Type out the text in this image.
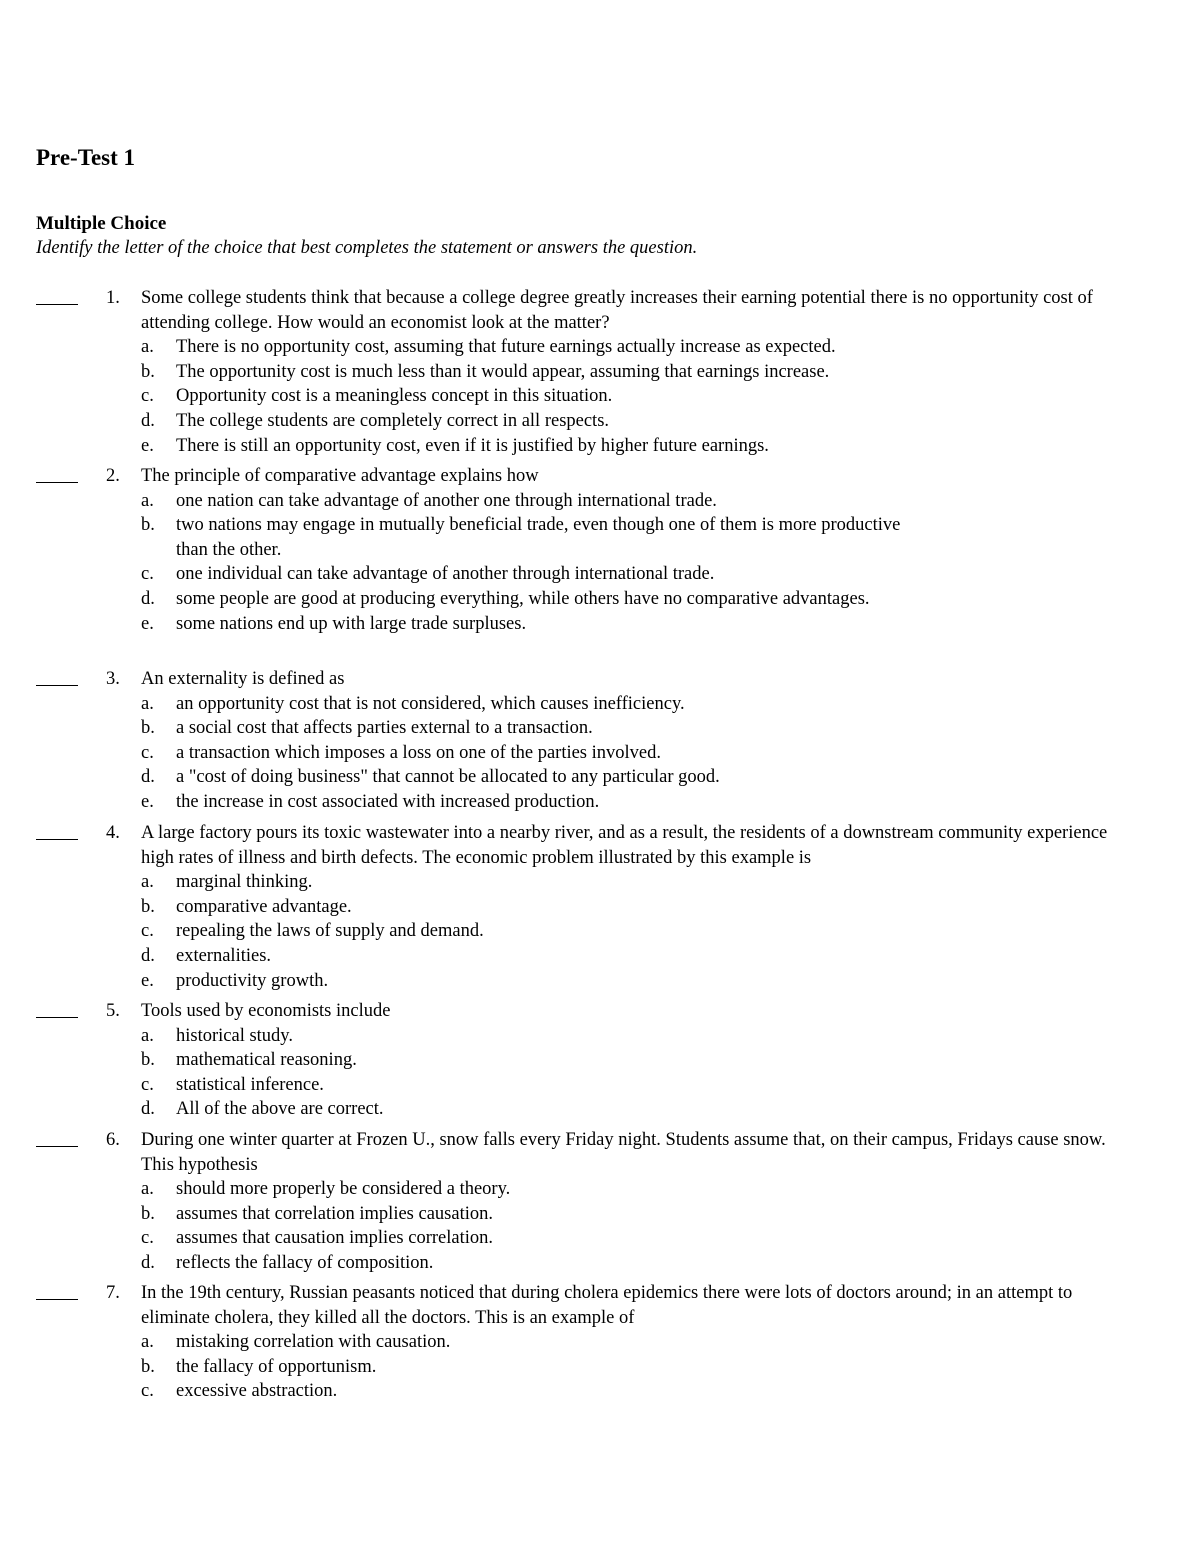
Pre-Test 1
Multiple Choice
Identify the letter of the choice that best completes the statement or answers the question.
1. Some college students think that because a college degree greatly increases their earning potential there is no opportunity cost of attending college. How would an economist look at the matter?
a. There is no opportunity cost, assuming that future earnings actually increase as expected.
b. The opportunity cost is much less than it would appear, assuming that earnings increase.
c. Opportunity cost is a meaningless concept in this situation.
d. The college students are completely correct in all respects.
e. There is still an opportunity cost, even if it is justified by higher future earnings.
2. The principle of comparative advantage explains how
a. one nation can take advantage of another one through international trade.
b. two nations may engage in mutually beneficial trade, even though one of them is more productive than the other.
c. one individual can take advantage of another through international trade.
d. some people are good at producing everything, while others have no comparative advantages.
e. some nations end up with large trade surpluses.
3. An externality is defined as
a. an opportunity cost that is not considered, which causes inefficiency.
b. a social cost that affects parties external to a transaction.
c. a transaction which imposes a loss on one of the parties involved.
d. a "cost of doing business" that cannot be allocated to any particular good.
e. the increase in cost associated with increased production.
4. A large factory pours its toxic wastewater into a nearby river, and as a result, the residents of a downstream community experience high rates of illness and birth defects. The economic problem illustrated by this example is
a. marginal thinking.
b. comparative advantage.
c. repealing the laws of supply and demand.
d. externalities.
e. productivity growth.
5. Tools used by economists include
a. historical study.
b. mathematical reasoning.
c. statistical inference.
d. All of the above are correct.
6. During one winter quarter at Frozen U., snow falls every Friday night. Students assume that, on their campus, Fridays cause snow. This hypothesis
a. should more properly be considered a theory.
b. assumes that correlation implies causation.
c. assumes that causation implies correlation.
d. reflects the fallacy of composition.
7. In the 19th century, Russian peasants noticed that during cholera epidemics there were lots of doctors around; in an attempt to eliminate cholera, they killed all the doctors. This is an example of
a. mistaking correlation with causation.
b. the fallacy of opportunism.
c. excessive abstraction.
